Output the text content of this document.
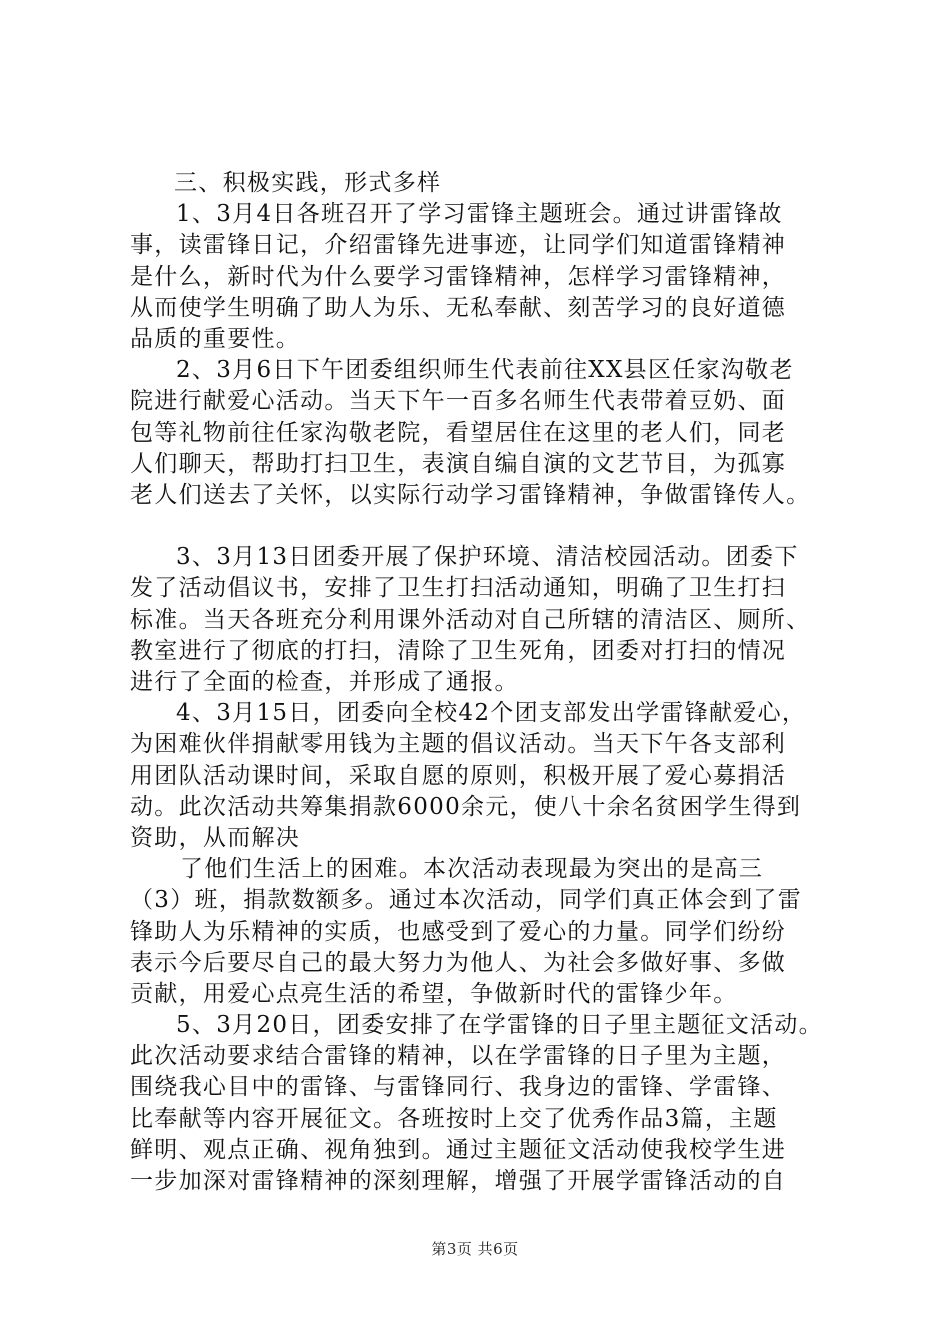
三、积极实践，形式多样
1、3月4日各班召开了学习雷锋主题班会。通过讲雷锋故
事，读雷锋日记，介绍雷锋先进事迹，让同学们知道雷锋精神
是什么，新时代为什么要学习雷锋精神，怎样学习雷锋精神，
从而使学生明确了助人为乐、无私奉献、刻苦学习的良好道德
品质的重要性。
2、3月6日下午团委组织师生代表前往XX县区任家沟敬老
院进行献爱心活动。当天下午一百多名师生代表带着豆奶、面
包等礼物前往任家沟敬老院，看望居住在这里的老人们，同老
人们聊天，帮助打扫卫生，表演自编自演的文艺节目，为孤寡
老人们送去了关怀，以实际行动学习雷锋精神，争做雷锋传人。
3、3月13日团委开展了保护环境、清洁校园活动。团委下
发了活动倡议书，安排了卫生打扫活动通知，明确了卫生打扫
标准。当天各班充分利用课外活动对自己所辖的清洁区、厕所、
教室进行了彻底的打扫，清除了卫生死角，团委对打扫的情况
进行了全面的检查，并形成了通报。
4、3月15日，团委向全校42个团支部发出学雷锋献爱心，
为困难伙伴捐献零用钱为主题的倡议活动。当天下午各支部利
用团队活动课时间，采取自愿的原则，积极开展了爱心募捐活
动。此次活动共筹集捐款6000余元，使八十余名贫困学生得到
资助，从而解决
了他们生活上的困难。本次活动表现最为突出的是高三
（3）班，捐款数额多。通过本次活动，同学们真正体会到了雷
锋助人为乐精神的实质，也感受到了爱心的力量。同学们纷纷
表示今后要尽自己的最大努力为他人、为社会多做好事、多做
贡献，用爱心点亮生活的希望，争做新时代的雷锋少年。
5、3月20日，团委安排了在学雷锋的日子里主题征文活动。
此次活动要求结合雷锋的精神，以在学雷锋的日子里为主题，
围绕我心目中的雷锋、与雷锋同行、我身边的雷锋、学雷锋、
比奉献等内容开展征文。各班按时上交了优秀作品3篇，主题
鲜明、观点正确、视角独到。通过主题征文活动使我校学生进
一步加深对雷锋精神的深刻理解，增强了开展学雷锋活动的自
第3页 共6页
